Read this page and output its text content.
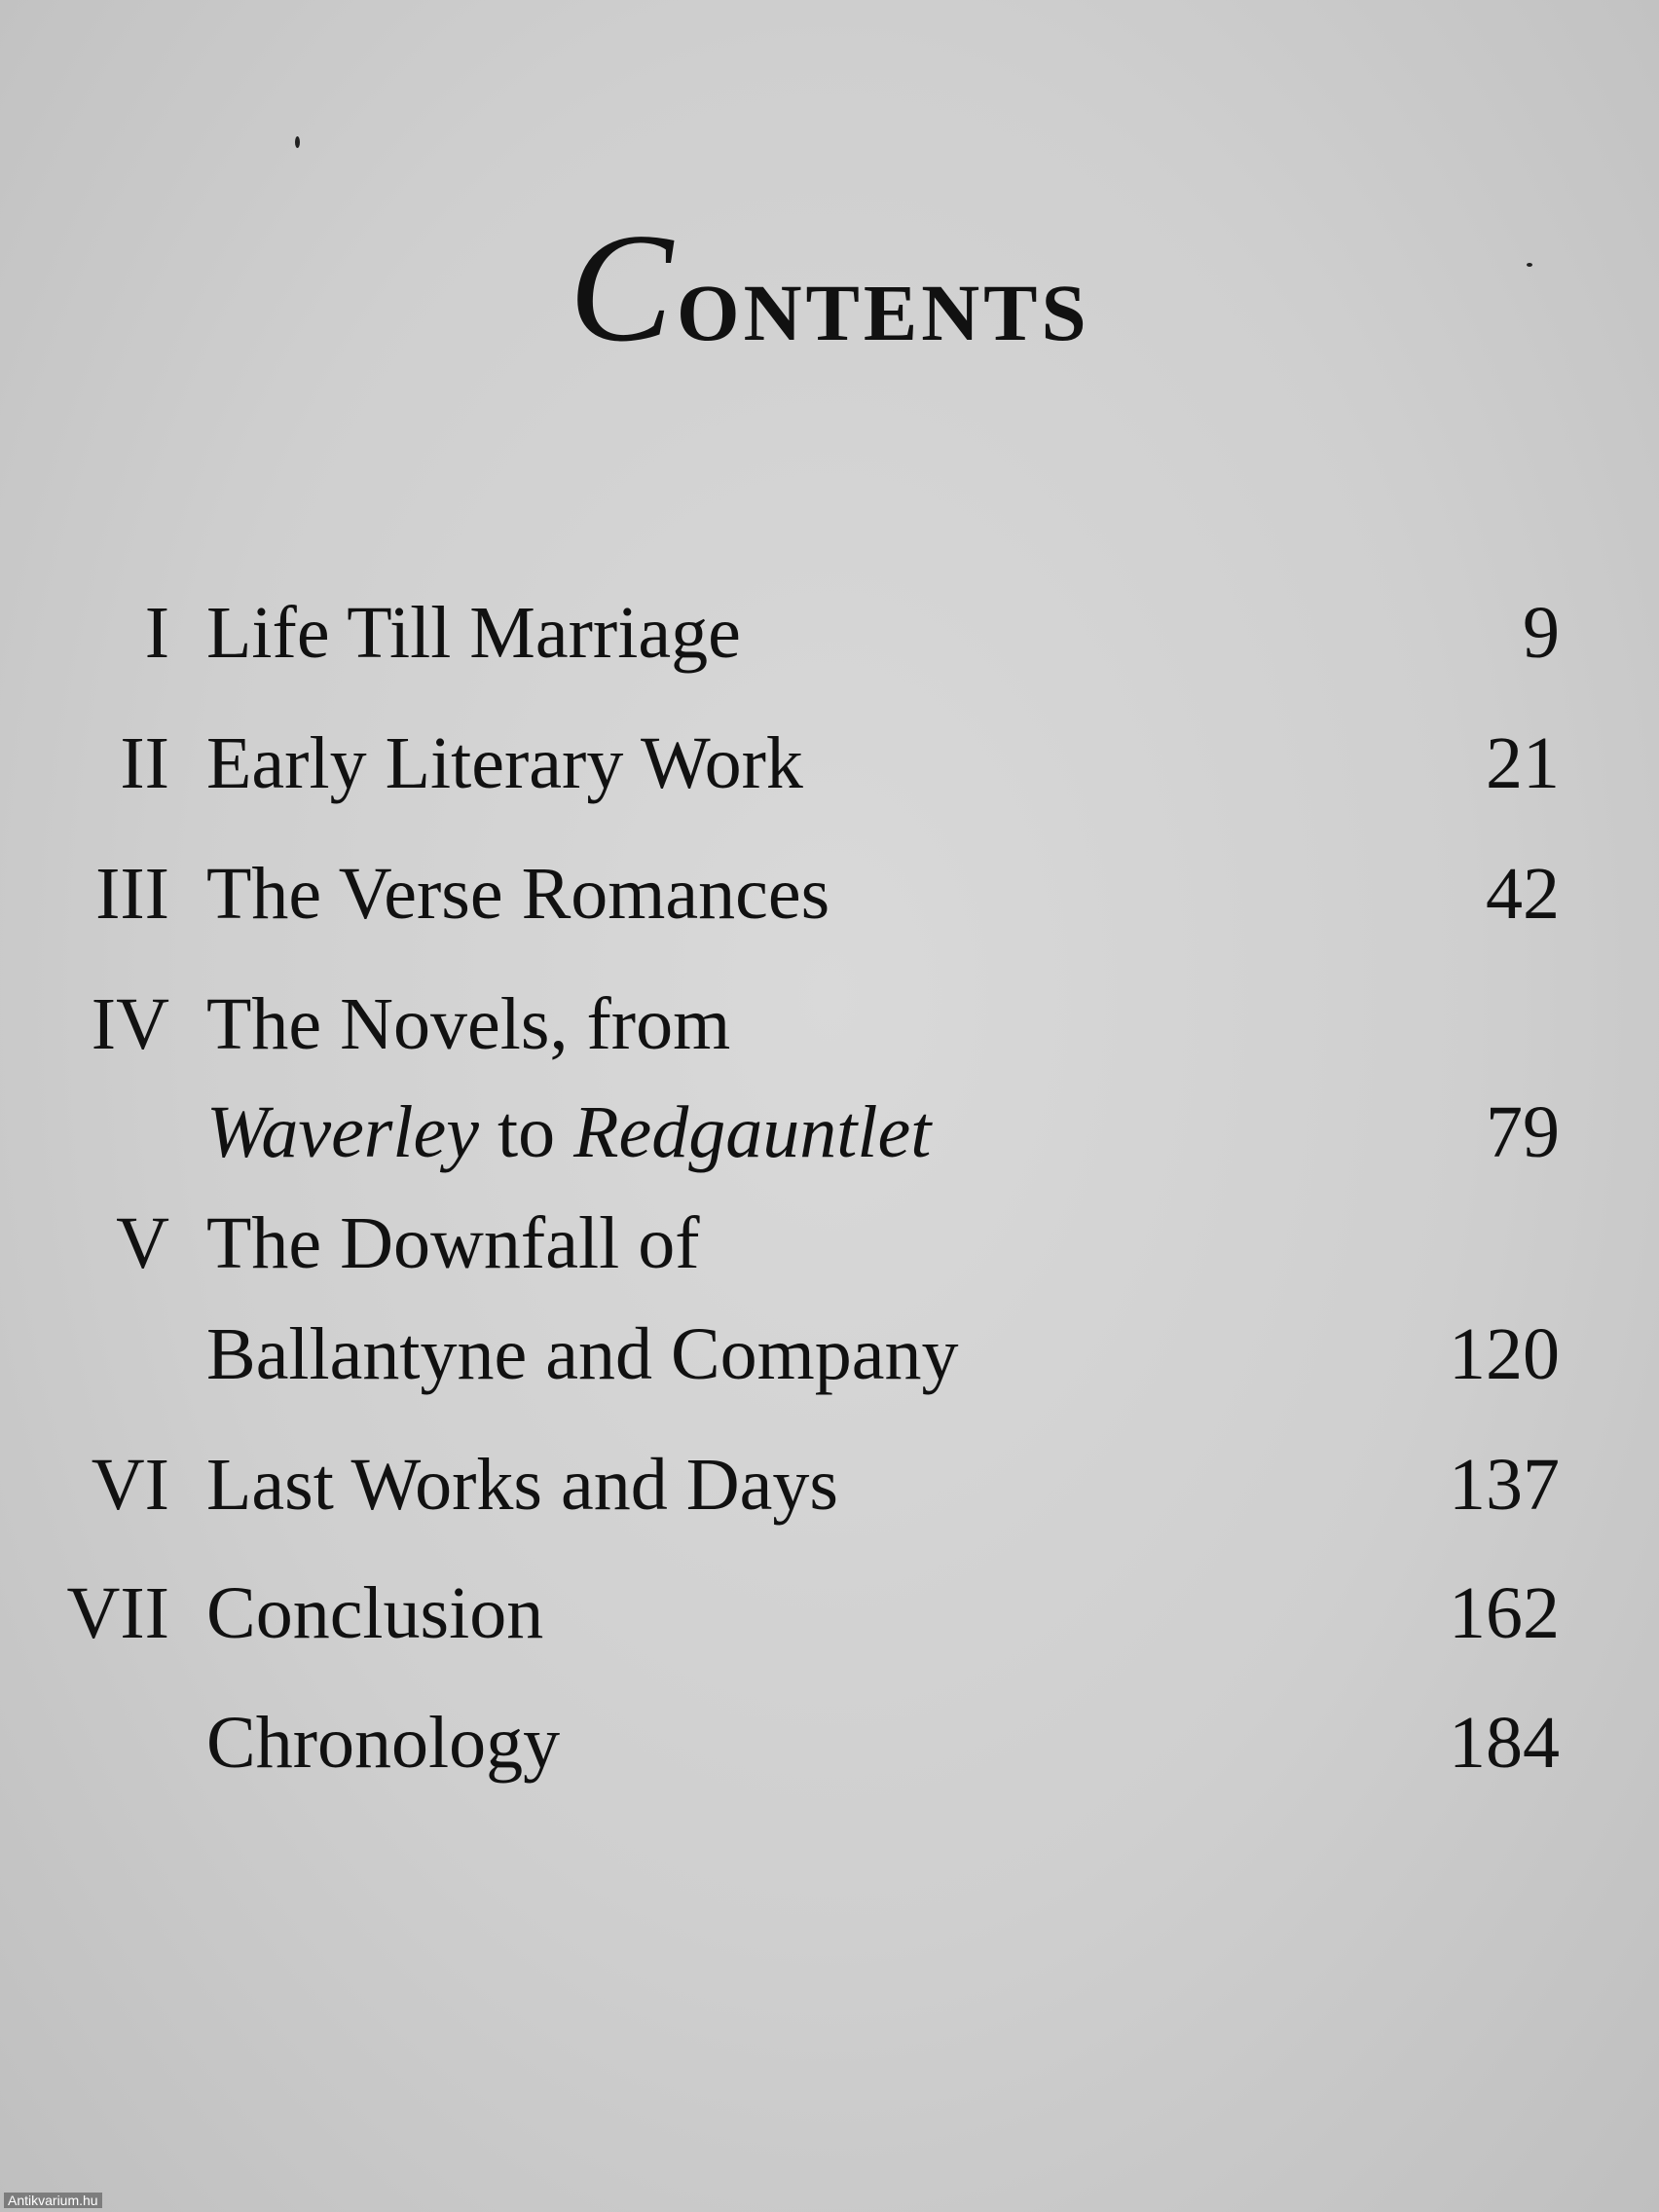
Contents
I Life Till Marriage	9
II Early Literary Work	21
III The Verse Romances	42
IV The Novels, from
Waverley to Redgauntlet	79
V The Downfall of
Ballantyne and Company	120
VI Last Works and Days	137
VII Conclusion	162
Chronology	184
Antikvarium.hu
